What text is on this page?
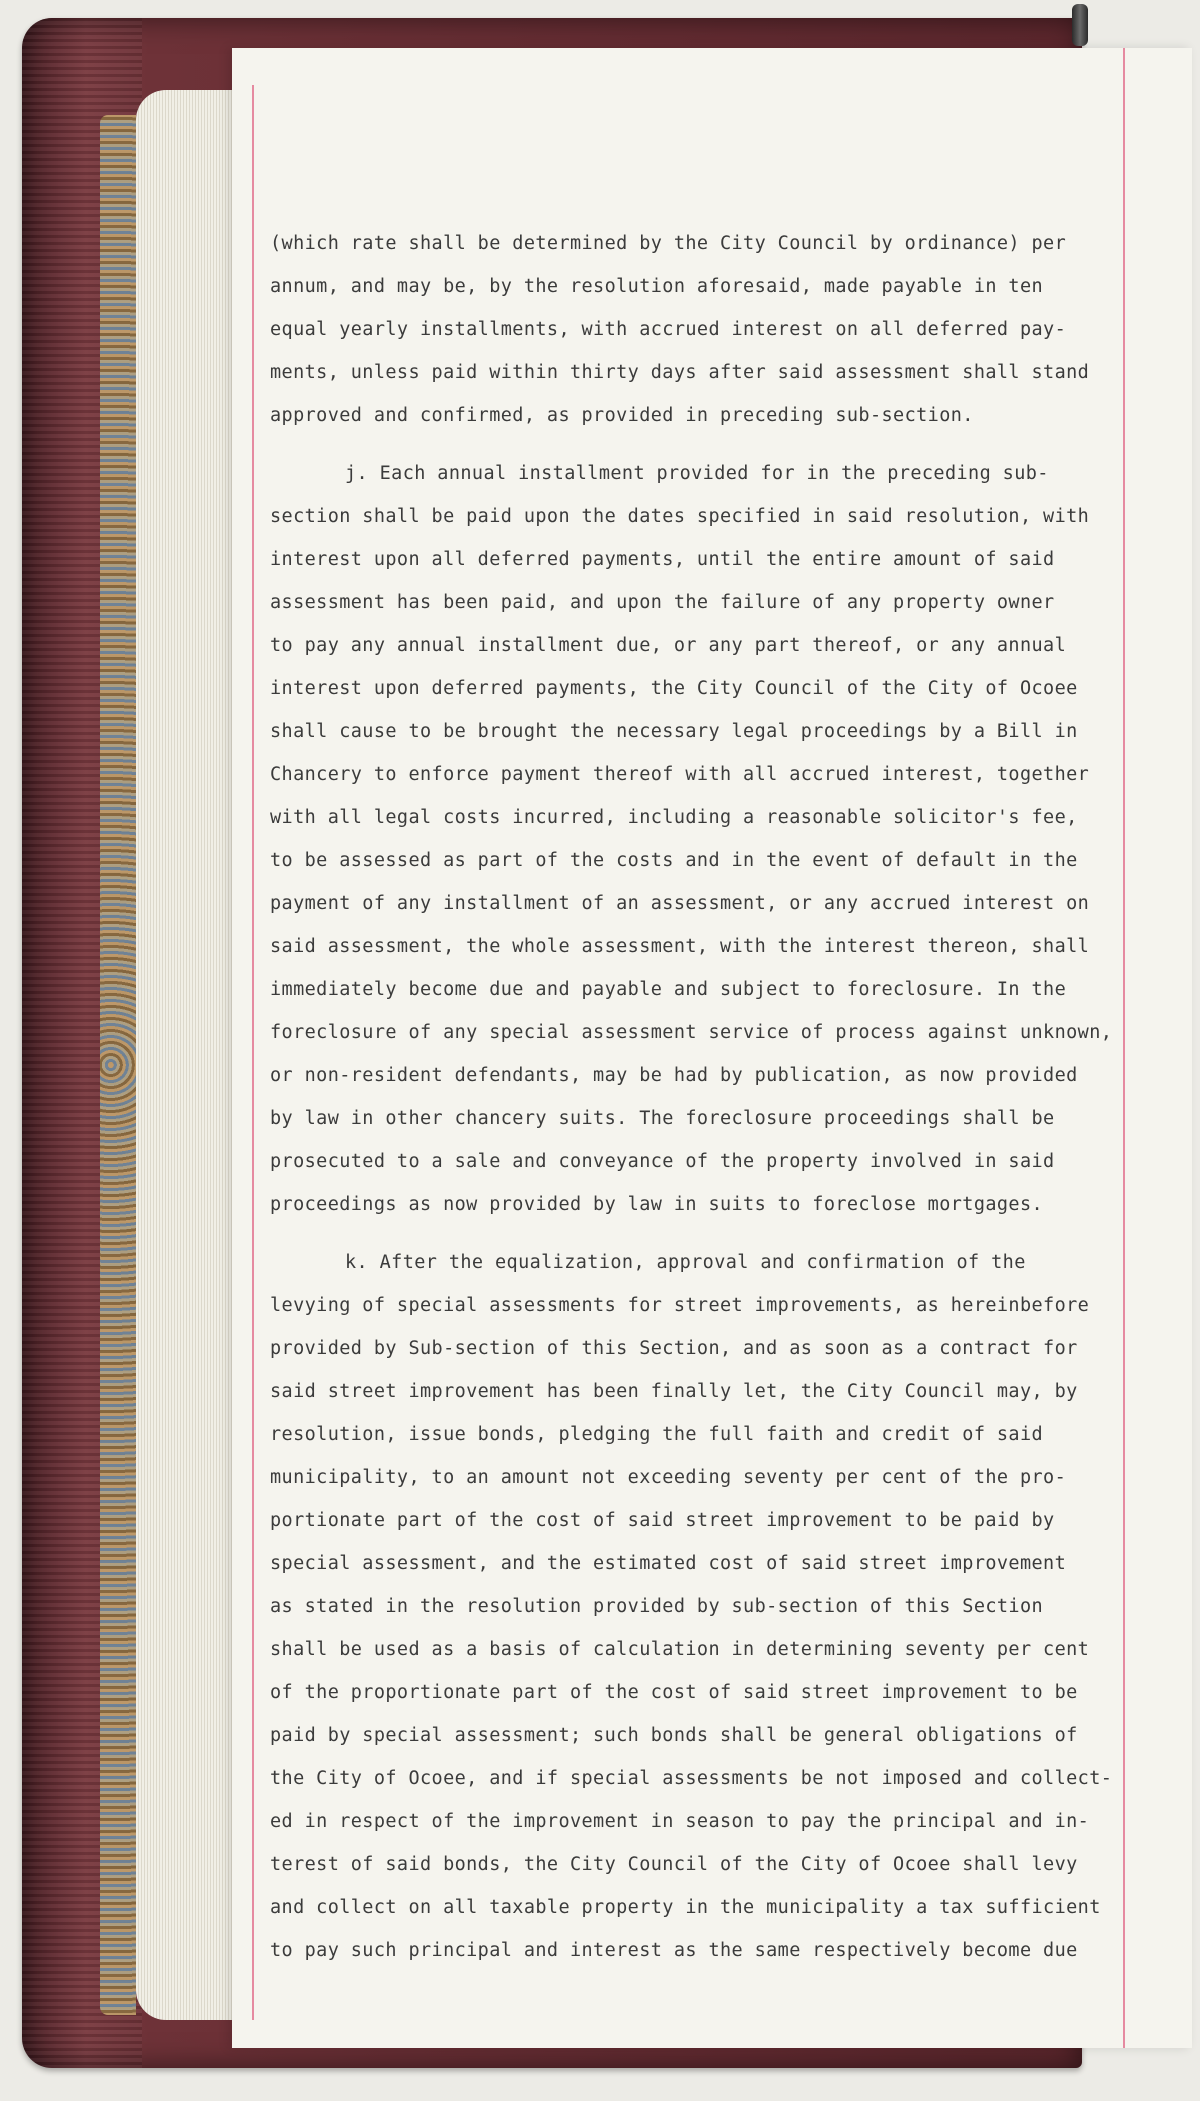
(which rate shall be determined by the City Council by ordinance) per
annum, and may be, by the resolution aforesaid, made payable in ten
equal yearly installments, with accrued interest on all deferred pay-
ments, unless paid within thirty days after said assessment shall stand
approved and confirmed, as provided in preceding sub-section.
j. Each annual installment provided for in the preceding sub-
section shall be paid upon the dates specified in said resolution, with
interest upon all deferred payments, until the entire amount of said
assessment has been paid, and upon the failure of any property owner
to pay any annual installment due, or any part thereof, or any annual
interest upon deferred payments, the City Council of the City of Ocoee
shall cause to be brought the necessary legal proceedings by a Bill in
Chancery to enforce payment thereof with all accrued interest, together
with all legal costs incurred, including a reasonable solicitor's fee,
to be assessed as part of the costs and in the event of default in the
payment of any installment of an assessment, or any accrued interest on
said assessment, the whole assessment, with the interest thereon, shall
immediately become due and payable and subject to foreclosure. In the
foreclosure of any special assessment service of process against unknown,
or non-resident defendants, may be had by publication, as now provided
by law in other chancery suits. The foreclosure proceedings shall be
prosecuted to a sale and conveyance of the property involved in said
proceedings as now provided by law in suits to foreclose mortgages.
k. After the equalization, approval and confirmation of the
levying of special assessments for street improvements, as hereinbefore
provided by Sub-section of this Section, and as soon as a contract for
said street improvement has been finally let, the City Council may, by
resolution, issue bonds, pledging the full faith and credit of said
municipality, to an amount not exceeding seventy per cent of the pro-
portionate part of the cost of said street improvement to be paid by
special assessment, and the estimated cost of said street improvement
as stated in the resolution provided by sub-section of this Section
shall be used as a basis of calculation in determining seventy per cent
of the proportionate part of the cost of said street improvement to be
paid by special assessment; such bonds shall be general obligations of
the City of Ocoee, and if special assessments be not imposed and collect-
ed in respect of the improvement in season to pay the principal and in-
terest of said bonds, the City Council of the City of Ocoee shall levy
and collect on all taxable property in the municipality a tax sufficient
to pay such principal and interest as the same respectively become due
